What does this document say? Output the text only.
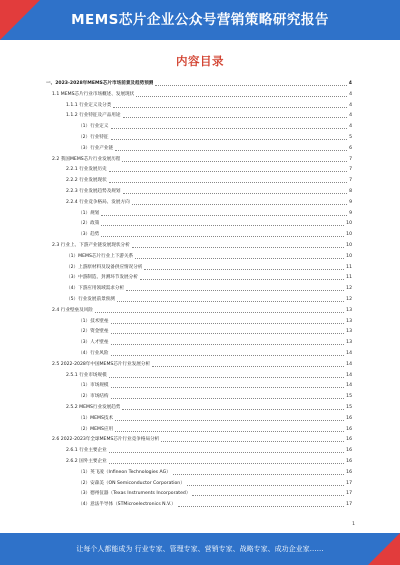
MEMS芯片企业公众号营销策略研究报告
内容目录
一、2023-2028年MEMS芯片市场前景及趋势预测	4
1.1 MEMS芯片行业市场概述、发展现状	4
1.1.1 行业定义及分类	4
1.1.2 行业特征及产品用途	4
（1）行业定义	4
（2）行业特征	5
（3）行业产业链	6
2.2 我国MEMS芯片行业发展历程	7
2.2.1 行业发展历史	7
2.2.2 行业发展现状	7
2.2.3 行业发展趋势及规划	8
2.2.4 行业竞争格局、发展方向	9
（1）规划	9
（2）政策	10
（3）趋势	10
2.3 行业上、下游产业链发展现状分析	10
（1）MEMS芯片行业上下游关系	10
（2）上游原材料及设备供应情况分析	11
（3）中游制造、封测环节发展分析	11
（4）下游应用领域需求分析	12
（5）行业发展前景预测	12
2.4 行业壁垒及风险	13
（1）技术壁垒	13
（2）资金壁垒	13
（3）人才壁垒	13
（4）行业风险	14
2.5 2022-2028年中国MEMS芯片行业发展分析	14
2.5.1 行业市场规模	14
（1）市场规模	14
（2）市场结构	15
2.5.2 MEMS行业发展趋势	15
（1）MEMS技术	16
（2）MEMS应用	16
2.6 2022-2023年全球MEMS芯片行业竞争格局分析	16
2.6.1 行业主要企业	16
2.6.2 国外主要企业	16
（1）英飞凌（Infineon Technologies AG）	16
（2）安森美（ON Semiconductor Corporation）	17
（3）德州仪器（Texas Instruments Incorporated）	17
（4）意法半导体（STMicroelectronics N.V.）	17
1
让每个人都能成为 行业专家、管理专家、营销专家、战略专家、成功企业家……
